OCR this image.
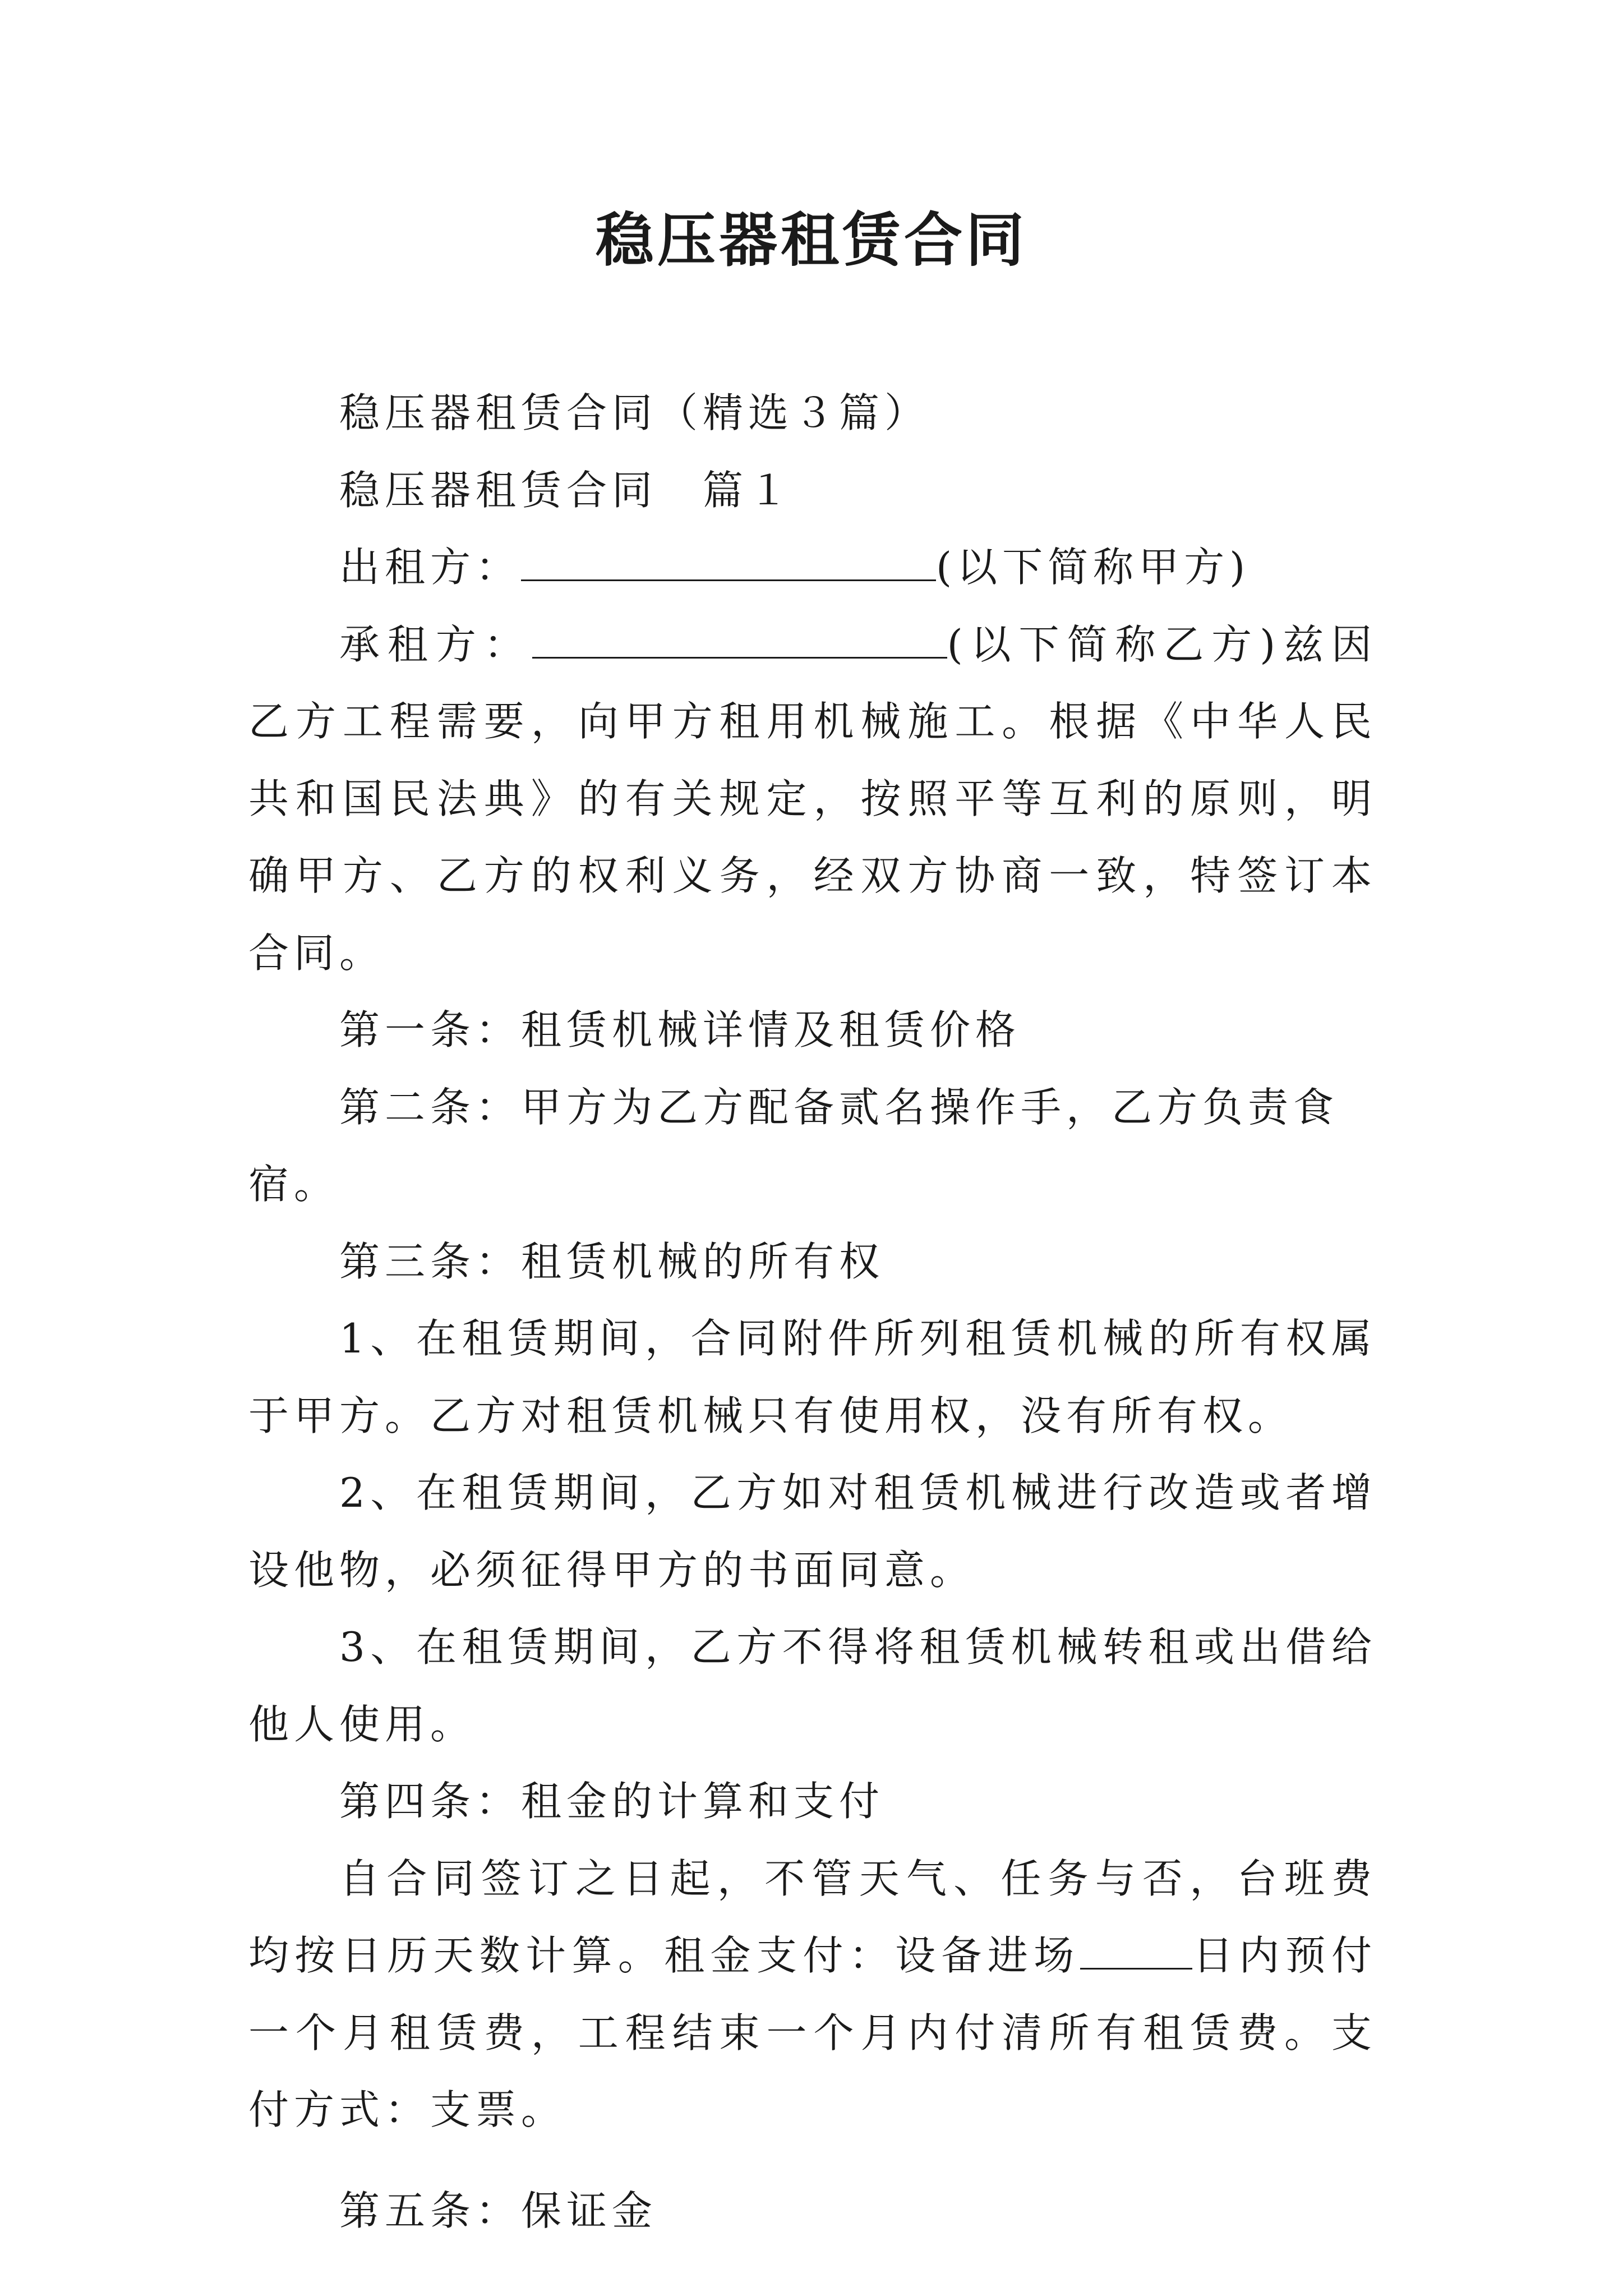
稳压器租赁合同

稳压器租赁合同（精选３篇）

稳压器租赁合同　篇１

出租方：	(以下简称甲方)

承租方：	(以下简称乙方)兹因乙方工程需要，向甲方租用机械施工。根据《中华人民共和国民法典》的有关规定，按照平等互利的原则，明确甲方、乙方的权利义务，经双方协商一致，特签订本合同。

第一条：租赁机械详情及租赁价格

第二条：甲方为乙方配备贰名操作手，乙方负责食宿。

第三条：租赁机械的所有权

1、在租赁期间，合同附件所列租赁机械的所有权属于甲方。乙方对租赁机械只有使用权，没有所有权。

2、在租赁期间，乙方如对租赁机械进行改造或者增设他物，必须征得甲方的书面同意。

3、在租赁期间，乙方不得将租赁机械转租或出借给他人使用。

第四条：租金的计算和支付

自合同签订之日起，不管天气、任务与否，台班费均按日历天数计算。租金支付：设备进场	日内预付一个月租赁费，工程结束一个月内付清所有租赁费。支付方式：支票。

第五条：保证金
